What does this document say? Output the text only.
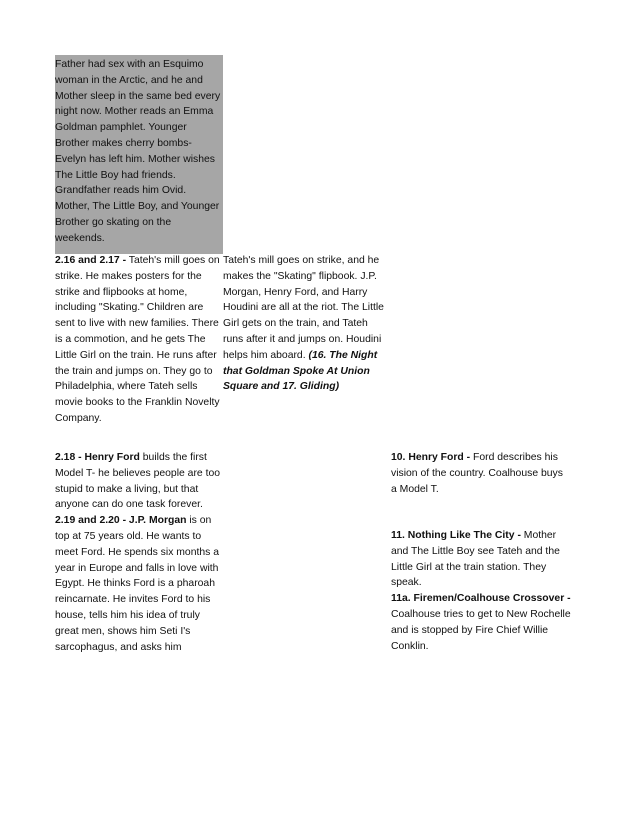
Father had sex with an Esquimo woman in the Arctic, and he and Mother sleep in the same bed every night now. Mother reads an Emma Goldman pamphlet. Younger Brother makes cherry bombs- Evelyn has left him. Mother wishes The Little Boy had friends. Grandfather reads him Ovid. Mother, The Little Boy, and Younger Brother go skating on the weekends.

2.16 and 2.17 - Tateh's mill goes on strike. He makes posters for the strike and flipbooks at home, including "Skating." Children are sent to live with new families. There is a commotion, and he gets The Little Girl on the train. He runs after the train and jumps on. They go to Philadelphia, where Tateh sells movie books to the Franklin Novelty Company.

Tateh's mill goes on strike, and he makes the "Skating" flipbook. J.P. Morgan, Henry Ford, and Harry Houdini are all at the riot. The Little Girl gets on the train, and Tateh runs after it and jumps on. Houdini helps him aboard. (16. The Night that Goldman Spoke At Union Square and 17. Gliding)

2.18 - Henry Ford builds the first Model T- he believes people are too stupid to make a living, but that anyone can do one task forever.

2.19 and 2.20 - J.P. Morgan is on top at 75 years old. He wants to meet Ford. He spends six months a year in Europe and falls in love with Egypt. He thinks Ford is a pharoah reincarnate. He invites Ford to his house, tells him his idea of truly great men, shows him Seti I's sarcophagus, and asks him

10. Henry Ford - Ford describes his vision of the country. Coalhouse buys a Model T.

11. Nothing Like The City - Mother and The Little Boy see Tateh and the Little Girl at the train station. They speak.

11a. Firemen/Coalhouse Crossover - Coalhouse tries to get to New Rochelle and is stopped by Fire Chief Willie Conklin.
